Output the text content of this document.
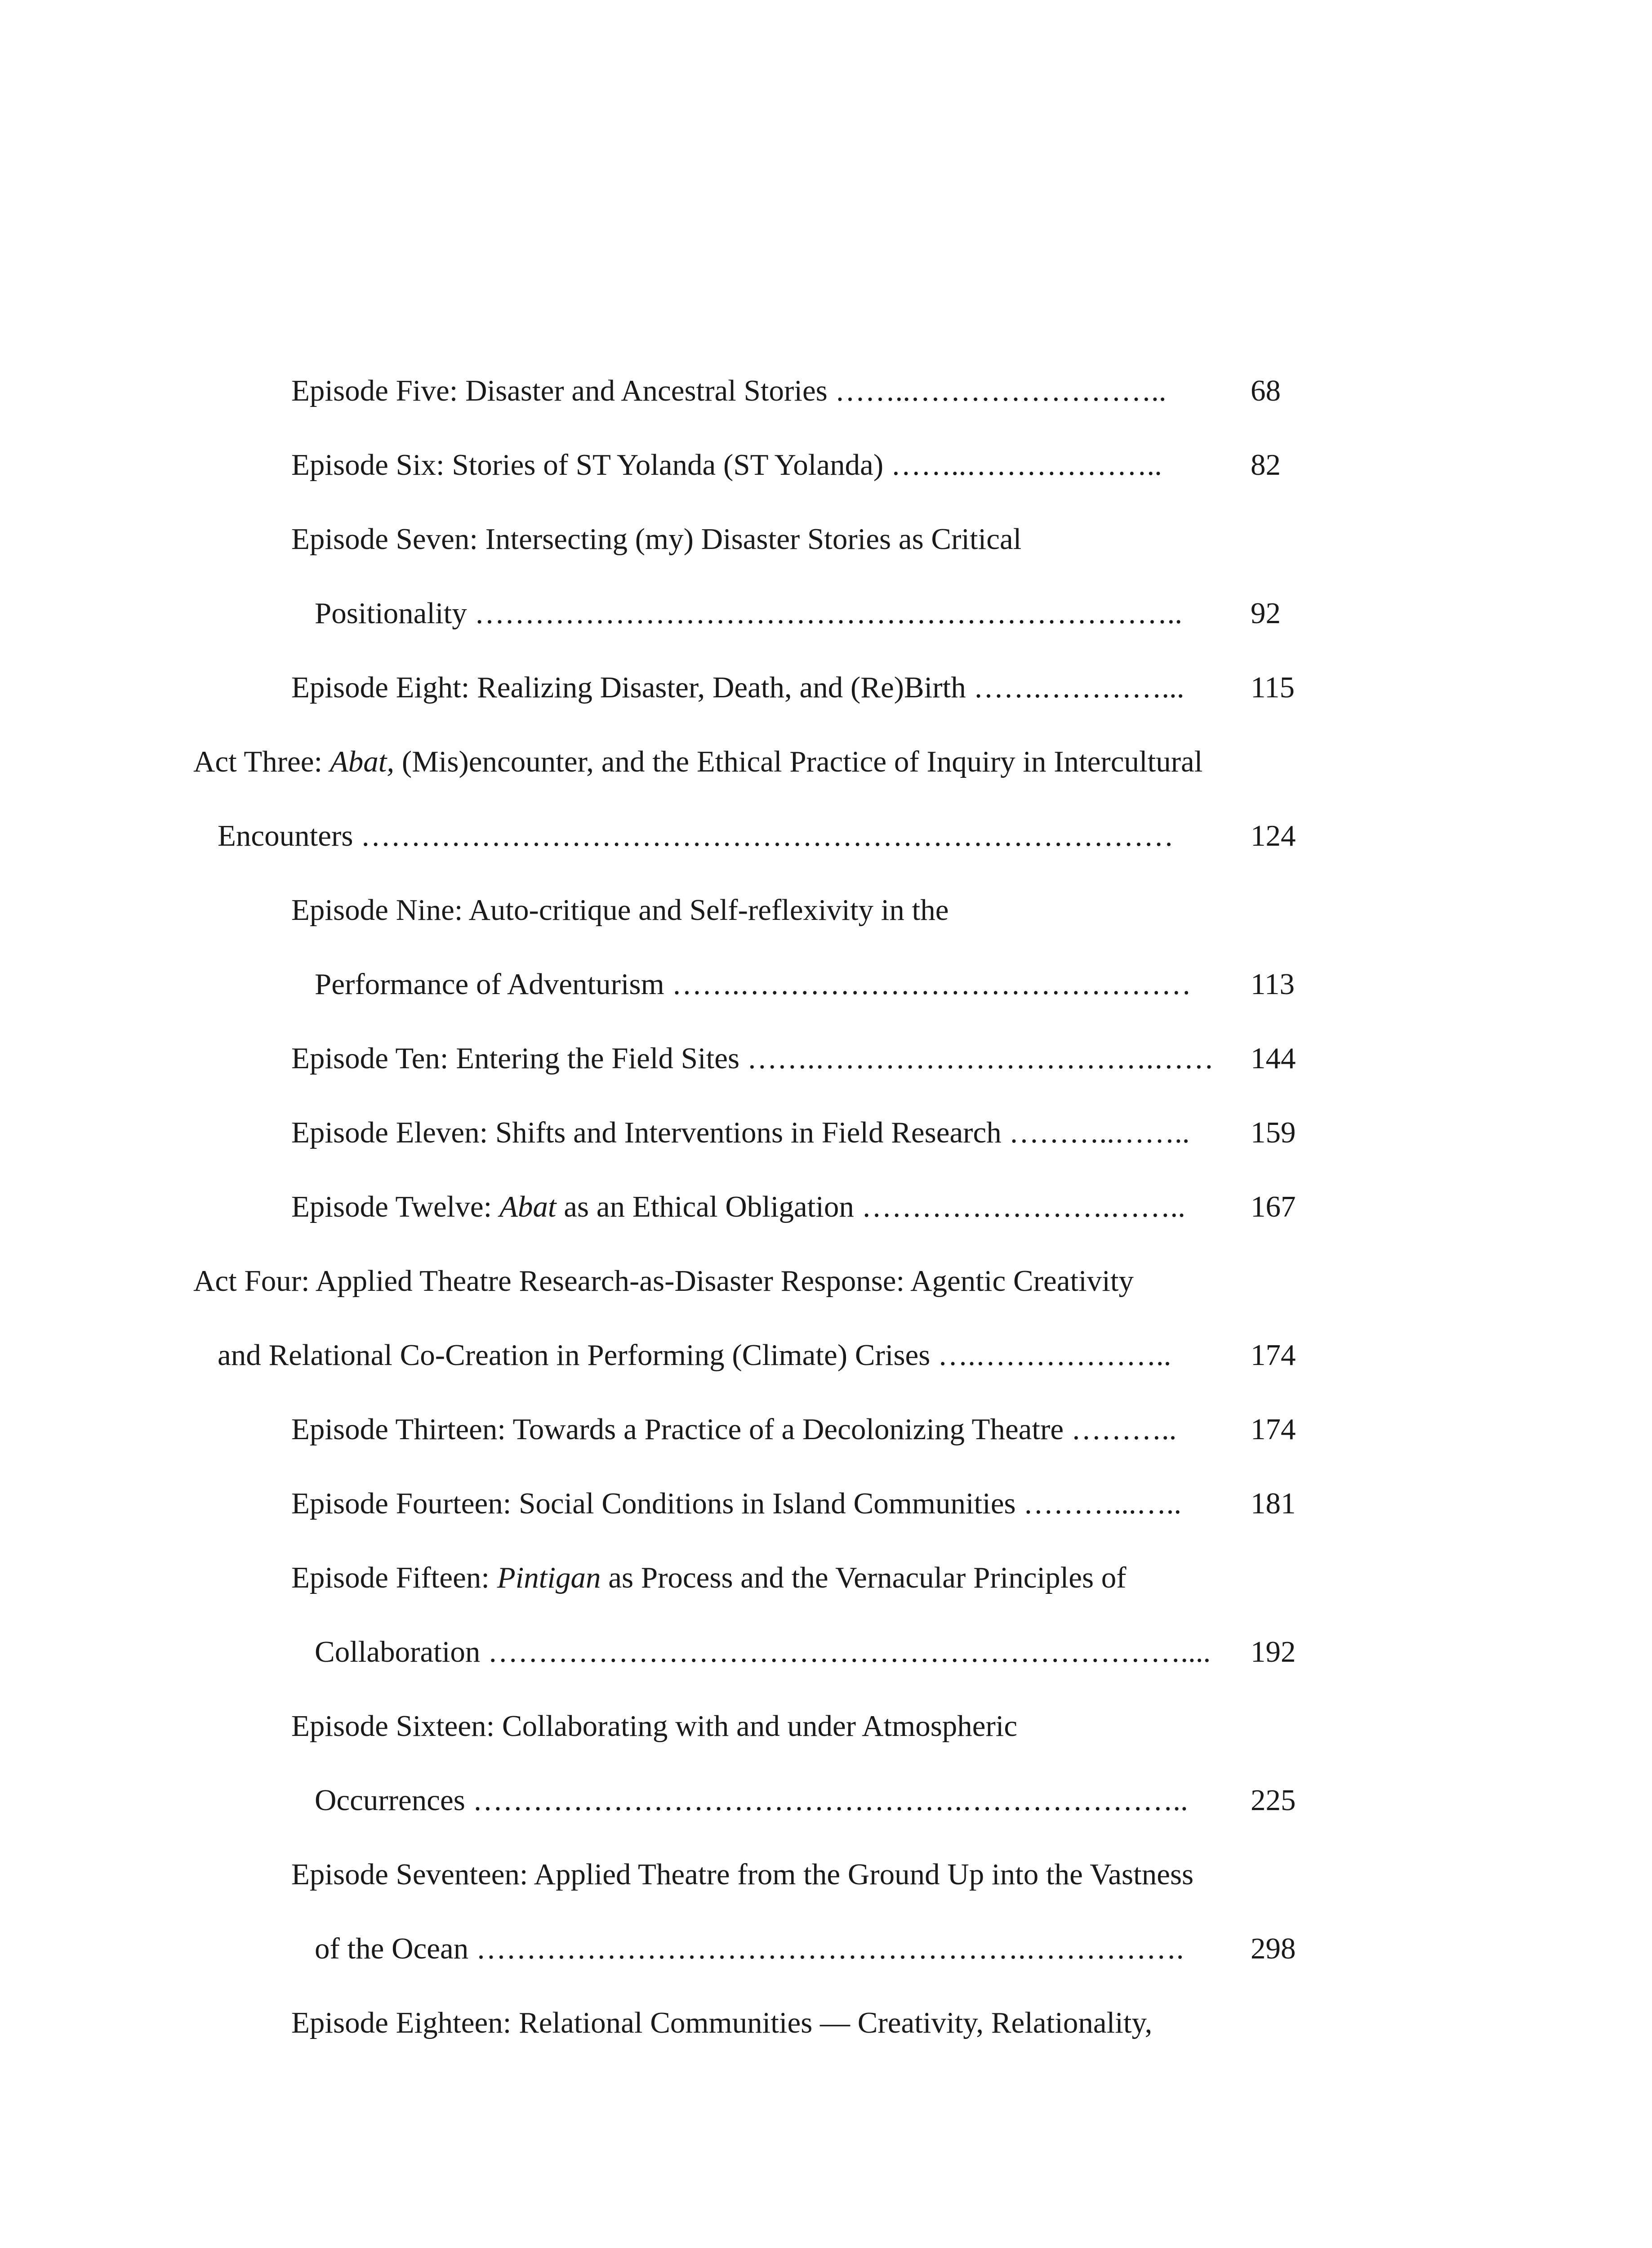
Episode Five: Disaster and Ancestral Stories ……..……………………..	68
Episode Six: Stories of ST Yolanda (ST Yolanda) ……..………………..	82
Episode Seven: Intersecting (my) Disaster Stories as Critical
Positionality …………………………………………………………….. 92
Episode Eight: Realizing Disaster, Death, and (Re)Birth …….…………... 115
Act Three: Abat, (Mis)encounter, and the Ethical Practice of Inquiry in Intercultural
Encounters ………………………………………………………………………	124
Episode Nine: Auto-critique and Self-reflexivity in the
Performance of Adventurism …….……………………………………… 113
Episode Ten: Entering the Field Sites …….…………………………….…… 144
Episode Eleven: Shifts and Interventions in Field Research ………..…….. 159
Episode Twelve: Abat as an Ethical Obligation …………………….…….. 167
Act Four: Applied Theatre Research-as-Disaster Response: Agentic Creativity
and Relational Co-Creation in Performing (Climate) Crises ….………………..	174
Episode Thirteen: Towards a Practice of a Decolonizing Theatre ……….. 174
Episode Fourteen: Social Conditions in Island Communities ………...….. 181
Episode Fifteen: Pintigan as Process and the Vernacular Principles of
Collaboration …………………………………………………………….... 192
Episode Sixteen: Collaborating with and under Atmospheric
Occurrences ………………………………………….………………….. 225
Episode Seventeen: Applied Theatre from the Ground Up into the Vastness
of the Ocean ……………………………………………….……………. 298
Episode Eighteen: Relational Communities — Creativity, Relationality,
